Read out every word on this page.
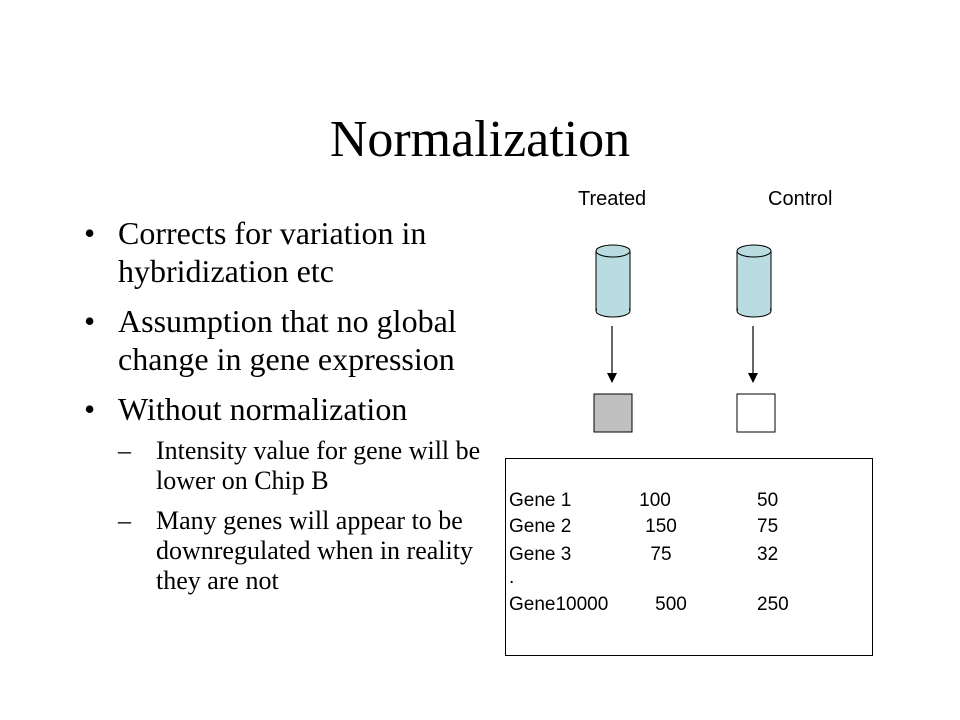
Normalization
• Corrects for variation in hybridization etc
• Assumption that no global change in gene expression
• Without normalization
– Intensity value for gene will be lower on Chip B
– Many genes will appear to be downregulated when in reality they are not
Treated	Control
Gene 1	100	50
Gene 2	150	75
Gene 3	75	32
.
Gene10000	500	250
